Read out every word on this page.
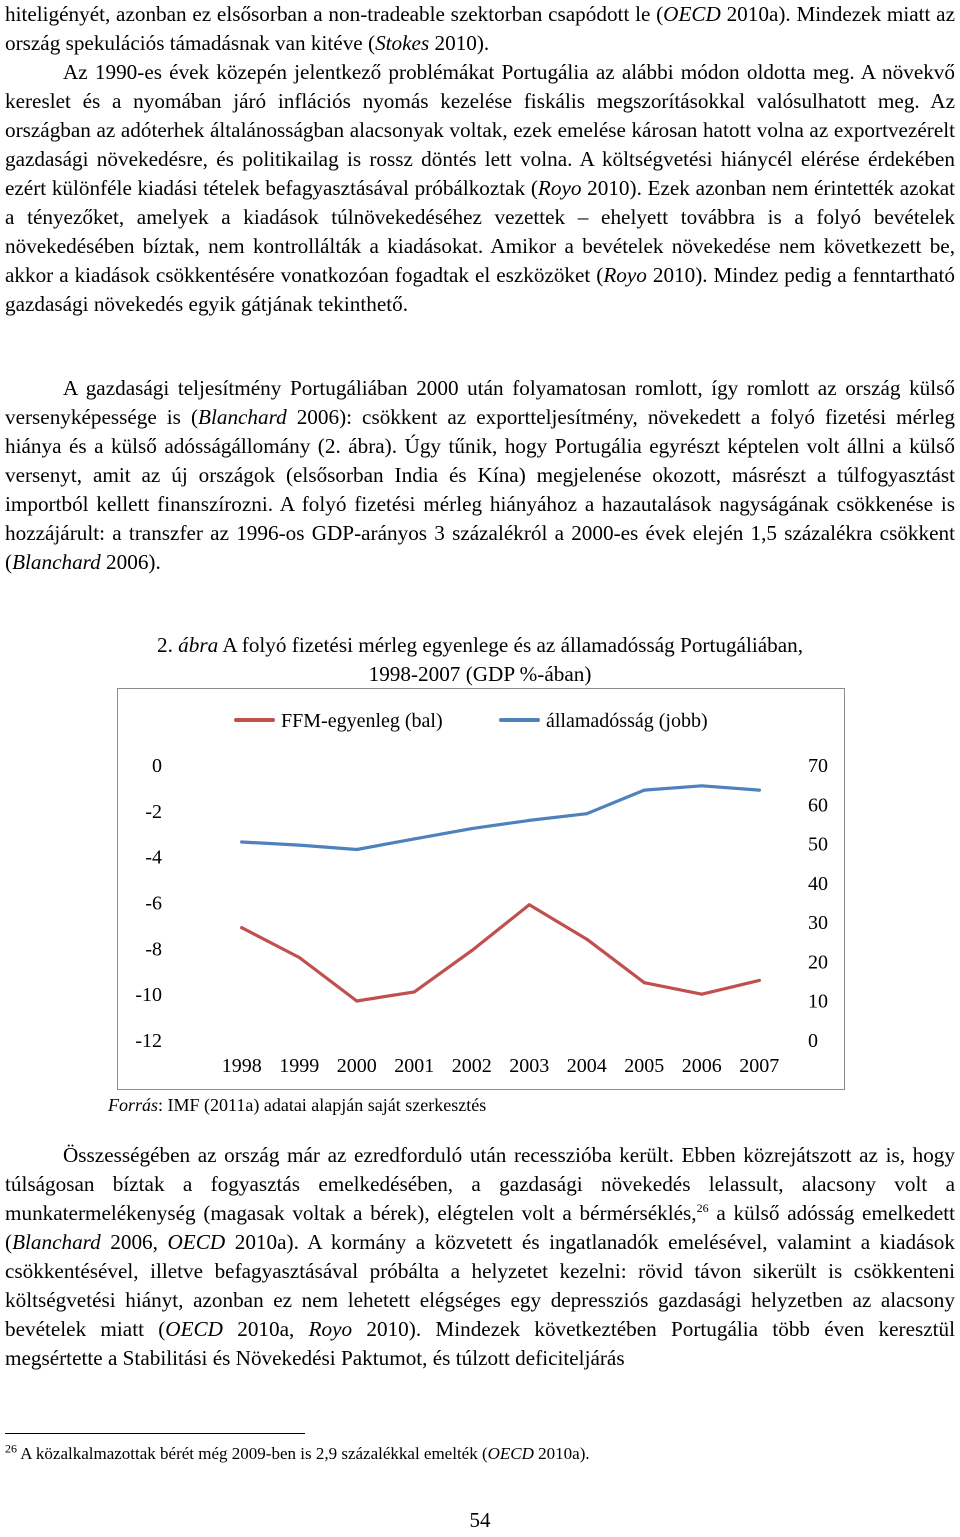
hiteligényét, azonban ez elsősorban a non-tradeable szektorban csapódott le (OECD 2010a). Mindezek miatt az ország spekulációs támadásnak van kitéve (Stokes 2010).

Az 1990-es évek közepén jelentkező problémákat Portugália az alábbi módon oldotta meg. A növekvő kereslet és a nyomában járó inflációs nyomás kezelése fiskális megszorításokkal valósulhatott meg. Az országban az adóterhek általánosságban alacsonyak voltak, ezek emelése károsan hatott volna az exportvezérelt gazdasági növekedésre, és politikailag is rossz döntés lett volna. A költségvetési hiánycél elérése érdekében ezért különféle kiadási tételek befagyasztásával próbálkoztak (Royo 2010). Ezek azonban nem érintették azokat a tényezőket, amelyek a kiadások túlnövekedéséhez vezettek – ehelyett továbbra is a folyó bevételek növekedésében bíztak, nem kontrollálták a kiadásokat. Amikor a bevételek növekedése nem következett be, akkor a kiadások csökkentésére vonatkozóan fogadtak el eszközöket (Royo 2010). Mindez pedig a fenntartható gazdasági növekedés egyik gátjának tekinthető.

A gazdasági teljesítmény Portugáliában 2000 után folyamatosan romlott, így romlott az ország külső versenyképessége is (Blanchard 2006): csökkent az exportteljesítmény, növekedett a folyó fizetési mérleg hiánya és a külső adósságállomány (2. ábra). Úgy tűnik, hogy Portugália egyrészt képtelen volt állni a külső versenyt, amit az új országok (elsősorban India és Kína) megjelenése okozott, másrészt a túlfogyasztást importból kellett finanszírozni. A folyó fizetési mérleg hiányához a hazautalások nagyságának csökkenése is hozzájárult: a transzfer az 1996-os GDP-arányos 3 százalékról a 2000-es évek elején 1,5 százalékra csökkent (Blanchard 2006).

2. ábra A folyó fizetési mérleg egyenlege és az államadósság Portugáliában,

1998-2007 (GDP %-ában)

0
-2
-4
-6
-8
-10
-12
70
60
50
40
30
20
10
0
1998 1999 2000 2001 2002 2003 2004 2005 2006 2007
FFM-egyenleg (bal)	államadósság (jobb)
Forrás: IMF (2011a) adatai alapján saját szerkesztés

Összességében az ország már az ezredforduló után recesszióba került. Ebben közrejátszott az is, hogy túlságosan bíztak a fogyasztás emelkedésében, a gazdasági növekedés lelassult, alacsony volt a munkatermelékenység (magasak voltak a bérek), elégtelen volt a bérmérséklés,$^{26}$ a külső adósság emelkedett (Blanchard 2006, OECD 2010a). A kormány a közvetett és ingatlanadók emelésével, valamint a kiadások csökkentésével, illetve befagyasztásával próbálta a helyzetet kezelni: rövid távon sikerült is csökkenteni költségvetési hiányt, azonban ez nem lehetett elégséges egy depressziós gazdasági helyzetben az alacsony bevételek miatt (OECD 2010a, Royo 2010). Mindezek következtében Portugália több éven keresztül megsértette a Stabilitási és Növekedési Paktumot, és túlzott deficiteljárás

$^{26}$ A közalkalmazottak bérét még 2009-ben is 2,9 százalékkal emelték (OECD 2010a).
54
